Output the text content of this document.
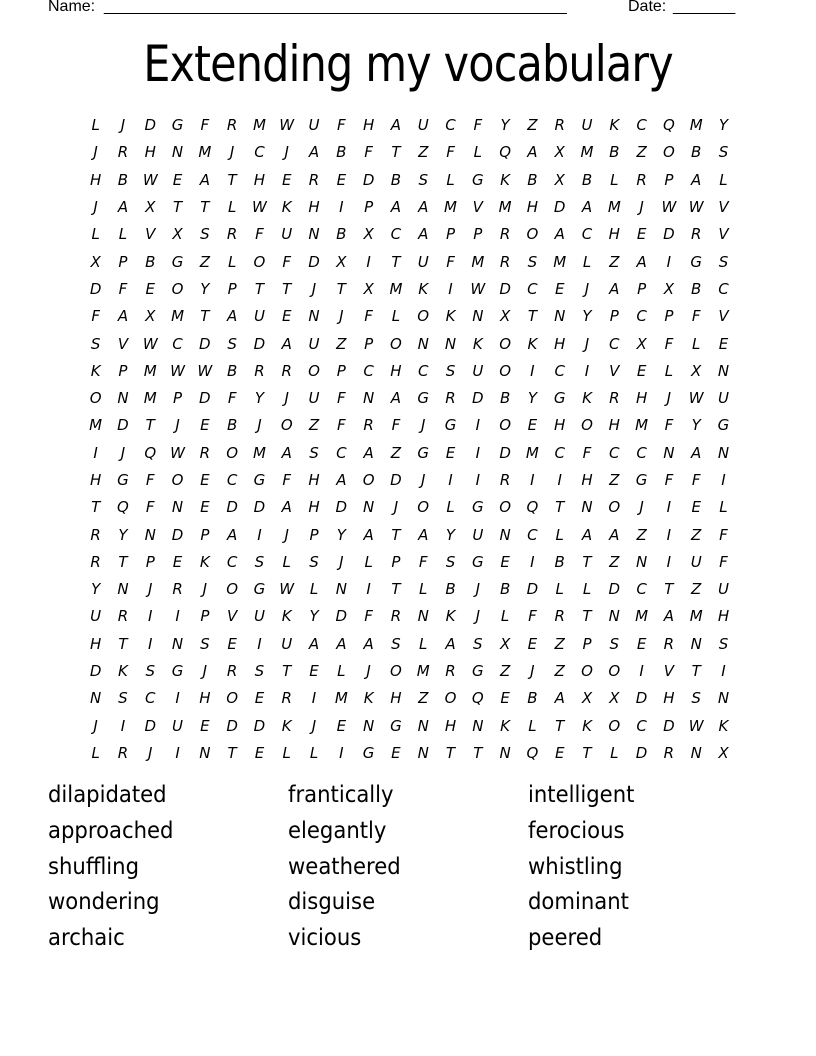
Name: ____________________________________________________	Date: _______
Extending my vocabulary
L	J	D	G	F	R	M W U	F	H	A	U	C	F	Y	Z	R	U	K	C	Q M	Y
J	R	H	N	M	J	C	J	A	B	F	T	Z	F	L	Q	A	X	M	B	Z	O	B	S
H	B W	E	A	T	H	E	R	E	D	B	S	L	G	K	B	X	B	L	R	P	A	L
J	A	X	T	T	L	W K	H	I	P	A	A	M	V	M	H	D	A	M	J	W W V
L	L	V	X	S	R	F	U	N	B	X	C	A	P	P	R	O	A	C	H	E	D	R	V
X	P	B	G	Z	L	O	F	D	X	I	T	U	F	M	R	S	M	L	Z	A	I	G	S
D	F	E	O	Y	P	T	T	J	T	X	M	K	I	W D	C	E	J	A	P	X	B	C
F	A	X	M	T	A	U	E	N	J	F	L	O	K	N	X	T	N	Y	P	C	P	F	V
S	V W C	D	S	D	A	U	Z	P	O	N	N	K	O	K	H	J	C	X	F	L	E
K	P	M W W B	R	R	O	P	C	H	C	S	U	O	I	C	I	V	E	L	X	N
O	N	M	P	D	F	Y	J	U	F	N	A	G	R	D	B	Y	G	K	R	H	J	W U
M	D	T	J	E	B	J	O	Z	F	R	F	J	G	I	O	E	H	O	H	M	F	Y	G
I	J	Q W R	O M	A	S	C	A	Z	G	E	I	D	M	C	F	C	C	N	A	N
H	G	F	O	E	C	G	F	H	A	O	D	J	I	I	R	I	I	H	Z	G	F	F	I
T	Q	F	N	E	D	D	A	H	D	N	J	O	L	G	O	Q	T	N	O	J	I	E	L
R	Y	N	D	P	A	I	J	P	Y	A	T	A	Y	U	N	C	L	A	A	Z	I	Z	F
R	T	P	E	K	C	S	L	S	J	L	P	F	S	G	E	I	B	T	Z	N	I	U	F
Y	N	J	R	J	O	G W	L	N	I	T	L	B	J	B	D	L	L	D	C	T	Z	U
U	R	I	I	P	V	U	K	Y	D	F	R	N	K	J	L	F	R	T	N	M	A	M	H
H	T	I	N	S	E	I	U	A	A	A	S	L	A	S	X	E	Z	P	S	E	R	N	S
D	K	S	G	J	R	S	T	E	L	J	O M	R	G	Z	J	Z	O	O	I	V	T	I
N	S	C	I	H	O	E	R	I	M	K	H	Z	O	Q	E	B	A	X	X	D	H	S	N
J	I	D	U	E	D	D	K	J	E	N	G	N	H	N	K	L	T	K	O	C	D W K
L	R	J	I	N	T	E	L	L	I	G	E	N	T	T	N	Q	E	T	L	D	R	N	X
dilapidated	frantically	intelligent
approached	elegantly	ferocious
shuffling	weathered	whistling
wondering	disguise	dominant
archaic	vicious	peered
